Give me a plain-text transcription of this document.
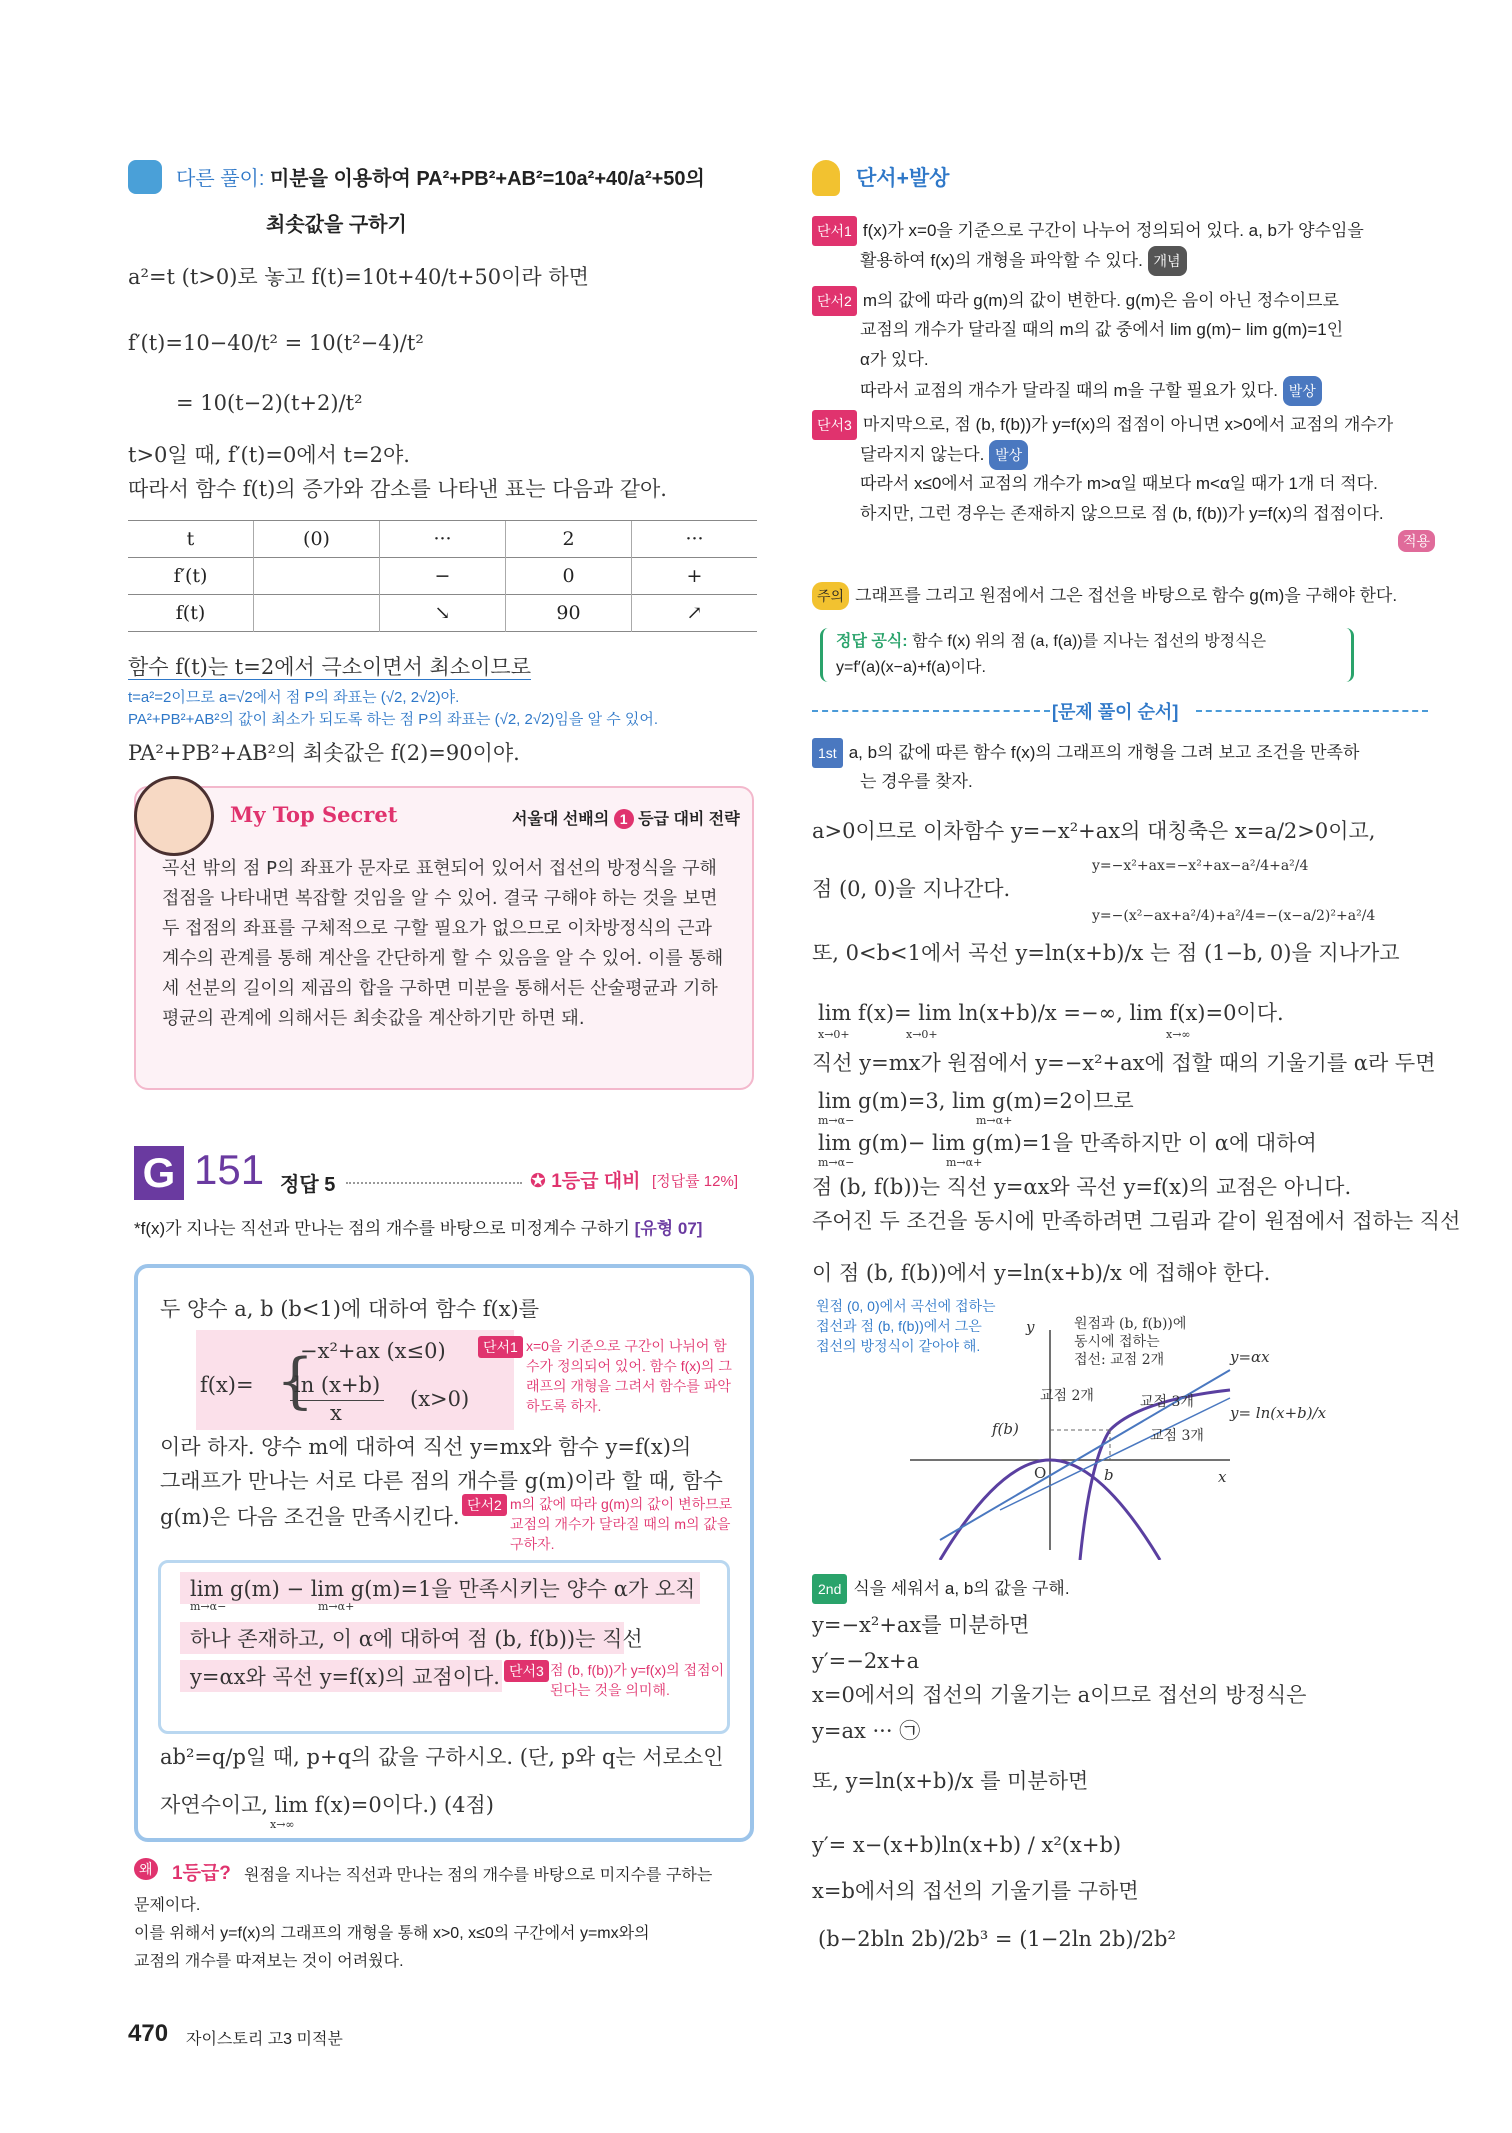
다른 풀이: 미분을 이용하여 PA²+PB²+AB²=10a²+40/a²+50의
최솟값을 구하기
a²=t (t>0)로 놓고 f(t)=10t+40/t+50이라 하면
f′(t)=10−40/t² = 10(t²−4)/t²
= 10(t−2)(t+2)/t²
t>0일 때, f′(t)=0에서 t=2야.
따라서 함수 f(t)의 증가와 감소를 나타낸 표는 다음과 같아.
t	(0)	···	2	···
f′(t)		−	0	+
f(t)		↘	90	↗
함수 f(t)는 t=2에서 극소이면서 최소이므로
t=a²=2이므로 a=√2에서 점 P의 좌표는 (√2, 2√2)야.
PA²+PB²+AB²의 값이 최소가 되도록 하는 점 P의 좌표는 (√2, 2√2)임을 알 수 있어.
PA²+PB²+AB²의 최솟값은 f(2)=90이야.
My Top Secret	서울대 선배의 1 등급 대비 전략
곡선 밖의 점 P의 좌표가 문자로 표현되어 있어서 접선의 방정식을 구해 접점을 나타내면 복잡할 것임을 알 수 있어. 결국 구해야 하는 것을 보면 두 접점의 좌표를 구체적으로 구할 필요가 없으므로 이차방정식의 근과 계수의 관계를 통해 계산을 간단하게 할 수 있음을 알 수 있어. 이를 통해 세 선분의 길이의 제곱의 합을 구하면 미분을 통해서든 산술평균과 기하평균의 관계에 의해서든 최솟값을 계산하기만 하면 돼.
G 151 정답 5	✪ 1등급 대비 [정답률 12%]
*f(x)가 지나는 직선과 만나는 점의 개수를 바탕으로 미정계수 구하기 [유형 07]
두 양수 a, b (b<1)에 대하여 함수 f(x)를
f(x)= {
−x²+ax (x≤0)
ln (x+b)
x
(x>0)
단서1 x=0을 기준으로 구간이 나뉘어 함수가 정의되어 있어. 함수 f(x)의 그래프의 개형을 그려서 함수를 파악하도록 하자.
이라 하자. 양수 m에 대하여 직선 y=mx와 함수 y=f(x)의
그래프가 만나는 서로 다른 점의 개수를 g(m)이라 할 때, 함수
g(m)은 다음 조건을 만족시킨다. 단서2 m의 값에 따라 g(m)의 값이 변하므로 교점의 개수가 달라질 때의 m의 값을 구하자.
lim g(m) − lim g(m)=1을 만족시키는 양수 α가 오직
m→α−	m→α+
하나 존재하고, 이 α에 대하여 점 (b, f(b))는 직선
y=αx와 곡선 y=f(x)의 교점이다. 단서3 점 (b, f(b))가 y=f(x)의 접점이 된다는 것을 의미해.
ab²=q/p일 때, p+q의 값을 구하시오. (단, p와 q는 서로소인
자연수이고, lim f(x)=0이다.) (4점)
x→∞
왜	1등급? 원점을 지나는 직선과 만나는 점의 개수를 바탕으로 미지수를 구하는
문제이다.
이를 위해서 y=f(x)의 그래프의 개형을 통해 x>0, x≤0의 구간에서 y=mx와의
교점의 개수를 따져보는 것이 어려웠다.
470 자이스토리 고3 미적분
단서+발상
단서1 f(x)가 x=0을 기준으로 구간이 나누어 정의되어 있다. a, b가 양수임을
활용하여 f(x)의 개형을 파악할 수 있다. 개념
단서2 m의 값에 따라 g(m)의 값이 변한다. g(m)은 음이 아닌 정수이므로
교점의 개수가 달라질 때의 m의 값 중에서 lim g(m)− lim g(m)=1인
α가 있다.
따라서 교점의 개수가 달라질 때의 m을 구할 필요가 있다. 발상
단서3 마지막으로, 점 (b, f(b))가 y=f(x)의 접점이 아니면 x>0에서 교점의 개수가
달라지지 않는다. 발상
따라서 x≤0에서 교점의 개수가 m>α일 때보다 m<α일 때가 1개 더 적다.
하지만, 그런 경우는 존재하지 않으므로 점 (b, f(b))가 y=f(x)의 접점이다.
적용
주의 그래프를 그리고 원점에서 그은 접선을 바탕으로 함수 g(m)을 구해야 한다.
정답 공식: 함수 f(x) 위의 점 (a, f(a))를 지나는 접선의 방정식은
y=f′(a)(x−a)+f(a)이다.
[문제 풀이 순서]
1st a, b의 값에 따른 함수 f(x)의 그래프의 개형을 그려 보고 조건을 만족하
는 경우를 찾자.
a>0이므로 이차함수 y=−x²+ax의 대칭축은 x=a/2>0이고,
y=−x²+ax=−x²+ax−a²/4+a²/4
y=−(x²−ax+a²/4)+a²/4=−(x−a/2)²+a²/4
점 (0, 0)을 지나간다.
또, 0<b<1에서 곡선 y=ln(x+b)/x 는 점 (1−b, 0)을 지나가고
lim f(x)= lim ln(x+b)/x =−∞, lim f(x)=0이다.
x→0+	x→0+	x→∞
직선 y=mx가 원점에서 y=−x²+ax에 접할 때의 기울기를 α라 두면
lim g(m)=3, lim g(m)=2이므로
m→α−	m→α+
lim g(m)− lim g(m)=1을 만족하지만 이 α에 대하여
m→α−	m→α+
점 (b, f(b))는 직선 y=αx와 곡선 y=f(x)의 교점은 아니다.
주어진 두 조건을 동시에 만족하려면 그림과 같이 원점에서 접하는 직선
이 점 (b, f(b))에서 y=ln(x+b)/x 에 접해야 한다.
원점 (0, 0)에서 곡선에 접하는
접선과 점 (b, f(b))에서 그은
접선의 방정식이 같아야 해.
y
x
O	b
f(b)
원점과 (b, f(b))에
동시에 접하는
접선: 교점 2개
교점 2개	교점 3개
교점 3개
y=αx
y= ln(x+b)/x
2nd 식을 세워서 a, b의 값을 구해.
y=−x²+ax를 미분하면
y′=−2x+a
x=0에서의 접선의 기울기는 a이므로 접선의 방정식은
y=ax ··· ㉠
또, y=ln(x+b)/x 를 미분하면
y′= x−(x+b)ln(x+b) / x²(x+b)
x=b에서의 접선의 기울기를 구하면
(b−2bln 2b)/2b³ = (1−2ln 2b)/2b²
